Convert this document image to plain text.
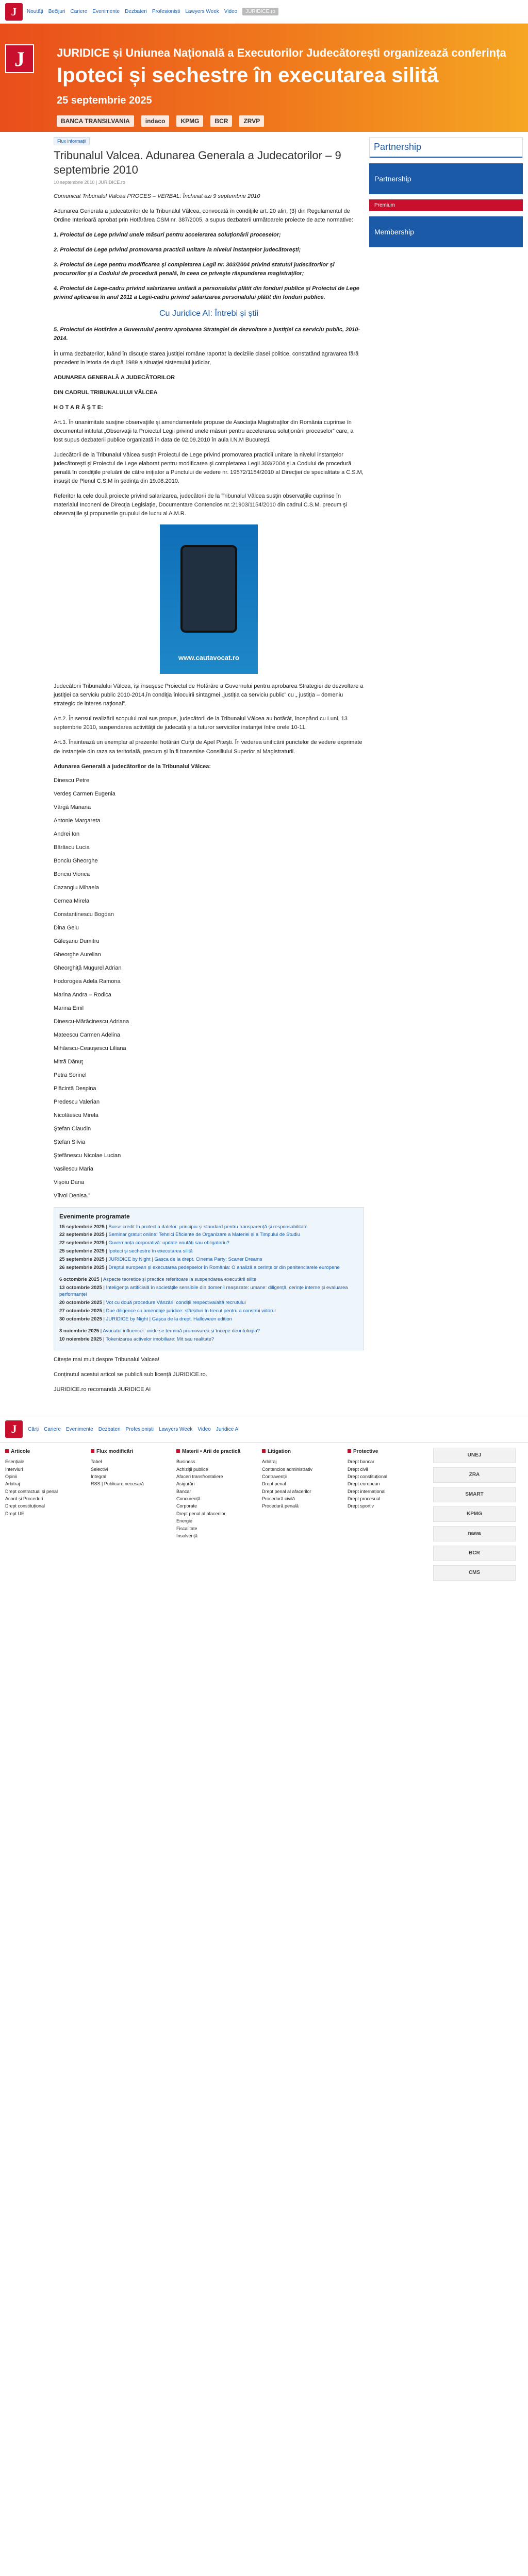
J	Noutăți Bečijuri Cariere Evenimente Dezbateri Profesioniști Lawyers Week Video	JURIDICE.ro
J	JURIDICE și Uniunea Națională a Executorilor Judecătorești organizează conferința
Ipoteci și sechestre în executarea silită
25 septembrie 2025
BANCA TRANSILVANIA	indaco	KPMG	BCR	ZRVP
Flux informații
Tribunalul Valcea. Adunarea Generala a Judecatorilor – 9 septembrie 2010
10 septembrie 2010 | JURIDICE.ro

Comunicat Tribunalul Valcea PROCES – VERBAL: Încheiat azi 9 septembrie 2010

Adunarea Generala a judecatorilor de la Tribunalul Vâlcea, convocată în condiţiile art. 20 alin. (3) din Regulamentul de Ordine Interioară aprobat prin Hotărârea CSM nr. 387/2005, a supus dezbaterii următoarele proiecte de acte normative:

1. Proiectul de Lege privind unele măsuri pentru accelerarea soluţionării proceselor;

2. Proiectul de Lege privind promovarea practicii unitare la nivelul instanţelor judecătoreşti;

3. Proiectul de Lege pentru modificarea şi completarea Legii nr. 303/2004 privind statutul judecătorilor şi procurorilor şi a Codului de procedură penală, în ceea ce priveşte răspunderea magistraţilor;

4. Proiectul de Lege-cadru privind salarizarea unitară a personalului plătit din fonduri publice şi Proiectul de Lege privind aplicarea în anul 2011 a Legii-cadru privind salarizarea personalului plătit din fonduri publice.

Cu Juridice AI: Întrebi și știi

5. Proiectul de Hotărâre a Guvernului pentru aprobarea Strategiei de dezvoltare a justiţiei ca serviciu public, 2010-2014.

În urma dezbaterilor, luând în discuţie starea justiţiei române raportat la deciziile clasei politice, constatând agravarea fără precedent in istoria de după 1989 a situaţiei sistemului judiciar,

ADUNAREA GENERALĂ A JUDECĂTORILOR

DIN CADRUL TRIBUNALULUI VÂLCEA

H O T A R Ă Ş T E:

Art.1. În unanimitate susţine observaţiile şi amendamentele propuse de Asociaţia Magistraţilor din România cuprinse în documentul intitulat „Observaţii la Proiectul Legii privind unele măsuri pentru accelerarea soluţionării proceselor” care, a fost supus dezbaterii publice organizată în data de 02.09.2010 în aula I.N.M Bucureşti.

Judecătorii de la Tribunalul Vâlcea susţin Proiectul de Lege privind promovarea practicii unitare la nivelul instanţelor judecătoreşti şi Proiectul de Lege elaborat pentru modificarea şi completarea Legii 303/2004 şi a Codului de procedură penală în condiţiile preluării de către iniţiator a Punctului de vedere nr. 19572/1154/2010 al Direcţiei de specialitate a C.S.M, însuşit de Plenul C.S.M în şedinţa din 19.08.2010.

Referitor la cele două proiecte privind salarizarea, judecătorii de la Tribunalul Vâlcea susţin observaţiile cuprinse în materialul Inconeni de Direcţia Legislaţie, Documentare Contencios nr.:21903/1154/2010 din cadrul C.S.M. precum şi observaţiile şi propunerile grupului de lucru al A.M.R.

www.cautavocat.ro

Judecătorii Tribunalului Vâlcea, îşi însuşesc Proiectul de Hotărâre a Guvernului pentru aprobarea Strategiei de dezvoltare a justiţiei ca serviciu public 2010-2014,în condiţia înlocuirii sintagmei „justiţia ca serviciu public” cu „ justiţia – domeniu strategic de interes naţional”.

Art.2. În sensul realizării scopului mai sus propus, judecătorii de la Tribunalul Vâlcea au hotărât, începând cu Luni, 13 septembrie 2010, suspendarea activităţii de judecată şi a tuturor serviciilor instanţei între orele 10-11.

Art.3. Înaintează un exemplar al prezentei hotărâri Curţii de Apel Piteşti. În vederea unificării punctelor de vedere exprimate de instanţele din raza sa teritorială, precum şi în fi transmise Consiliului Superior al Magistraturii.

Adunarea Generală a judecătorilor de la Tribunalul Vâlcea:

Dinescu Petre
Verdeş Carmen Eugenia
Vârgă Mariana
Antonie Margareta
Andrei Ion
Bărăscu Lucia
Bonciu Gheorghe
Bonciu Viorica
Cazangiu Mihaela
Cernea Mirela
Constantinescu Bogdan
Dina Gelu
Găleşanu Dumitru
Gheorghe Aurelian
Gheorghiţă Mugurel Adrian
Hodorogea Adela Ramona
Marina Andra – Rodica
Marina Emil
Dinescu-Mărăcinescu Adriana
Mateescu Carmen Adelina
Mihăescu-Ceauşescu Liliana
Mitră Dănuţ
Petra Sorinel
Plăcintă Despina
Predescu Valerian
Nicolăescu Mirela
Ştefan Claudin
Ştefan Silvia
Ştefănescu Nicolae Lucian
Vasilescu Maria
Vişoiu Dana
Vîlvoi Denisa.”
Evenimente programate
15 septembrie 2025 | Burse credit în protecția datelor: principiu și standard pentru transparență și responsabilitate
22 septembrie 2025 | Seminar gratuit online: Tehnici Eficiente de Organizare a Materiei și a Timpului de Studiu
22 septembrie 2025 | Guvernanța corporativă: update noutăți sau obligatoriu?
25 septembrie 2025 | Ipoteci și sechestre în executarea silită
25 septembrie 2025 | JURIDICE by Night | Gașca de la drept. Cinema Party: Scaner Dreams
26 septembrie 2025 | Dreptul european și executarea pedepselor în România: O analiză a cerințelor din penitenciarele europene
6 octombrie 2025 | Aspecte teoretice și practice referitoare la suspendarea executării silite
13 octombrie 2025 | Inteligența artificială în societățile sensibile din domenii reașezate: umane: diligență, cerințe interne și evaluarea performanței
20 octombrie 2025 | Vot cu două procedure Vânzări: condiții respectiva/altă recrutului
27 octombrie 2025 | Due diligence cu amendaje juridice: sfârșituri în trecut pentru a construi viitorul
30 octombrie 2025 | JURIDICE by Night | Gașca de la drept. Halloween edition
3 noiembrie 2025 | Avocatul influencer: unde se termină promovarea și începe deontologia?
10 noiembrie 2025 | Tokenizarea activelor imobiliare: Mit sau realitate?

Citește mai mult despre Tribunalul Valcea!

Conținutul acestui articol se publică sub licență JURIDICE.ro.

JURIDICE.ro recomandă JURIDICE AI

Partnership
Partnership
Premium
Membership
J	Cărți Cariere Evenimente Dezbateri Profesioniști Lawyers Week Video Juridice AI
Articole
Esențiale
Interviuri
Opinii
Arbitraj
Drept contractual și penal
Acord și Proceduri
Drept constituțional
Drept UE
Flux modificări
Tabel
Selectivi
Integral
RSS | Publicare necesară
Materii • Arii de practică
Business
Achiziții publice
Afaceri transfrontaliere
Asigurări
Bancar
Concurență
Corporate
Drept penal al afacerilor
Energie
Fiscalitate
Insolvență
Litigation
Arbitraj
Contencios administrativ
Contravenții
Drept penal
Drept penal al afacerilor
Procedură civilă
Procedură penală
Protective
Drept bancar
Drept civil
Drept constituțional
Drept european
Drept internațional
Drept procesual
Drept sportiv
UNEJ
ZRA
SMART
KPMG
nawa
BCR
CMS
